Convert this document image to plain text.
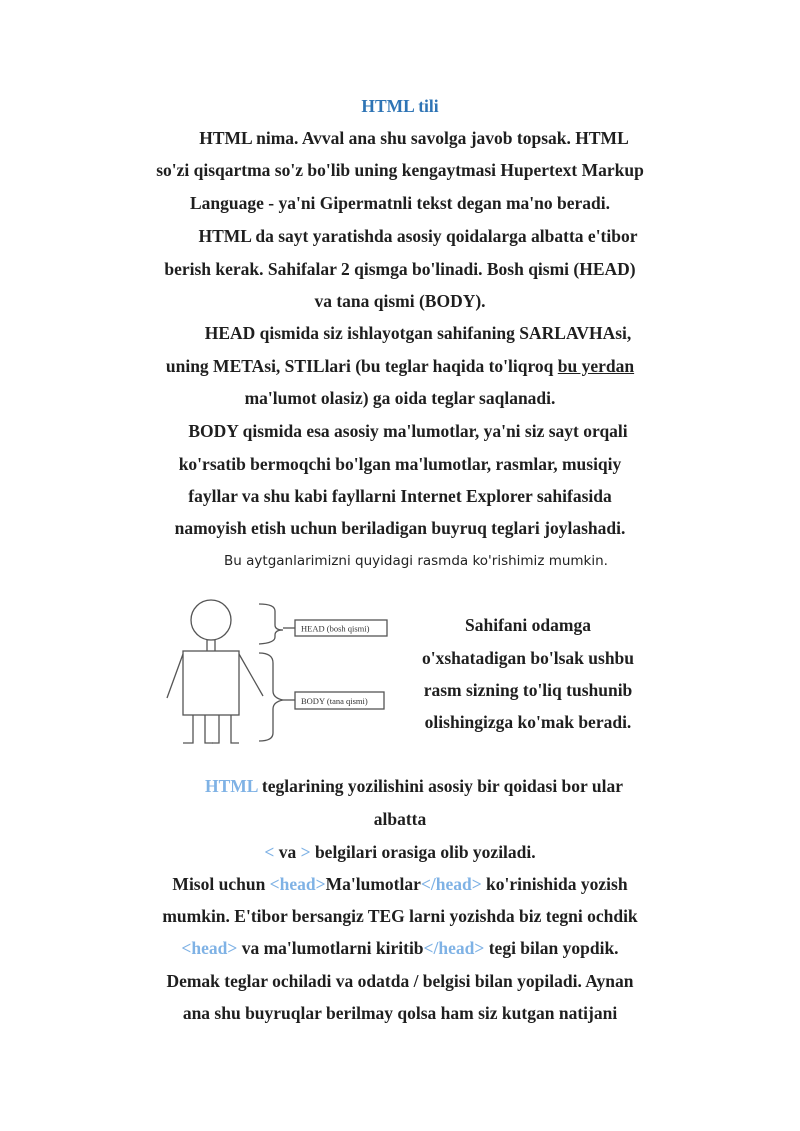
HTML tili
HTML nima. Avval ana shu savolga javob topsak. HTML
so'zi qisqartma so'z bo'lib uning kengaytmasi Hupertext Markup
Language - ya'ni Gipermatnli tekst degan ma'no beradi.
HTML da sayt yaratishda asosiy qoidalarga albatta e'tibor
berish kerak. Sahifalar 2 qismga bo'linadi. Bosh qismi (HEAD)
va tana qismi (BODY).
HEAD qismida siz ishlayotgan sahifaning SARLAVHAsi,
uning METAsi, STILlari (bu teglar haqida to'liqroq bu yerdan
ma'lumot olasiz) ga oida teglar saqlanadi.
BODY qismida esa asosiy ma'lumotlar, ya'ni siz sayt orqali
ko'rsatib bermoqchi bo'lgan ma'lumotlar, rasmlar, musiqiy
fayllar va shu kabi fayllarni Internet Explorer sahifasida
namoyish etish uchun beriladigan buyruq teglari joylashadi.
Bu aytganlarimizni quyidagi rasmda ko'rishimiz mumkin.
HEAD (bosh qismi)
BODY (tana qismi)
Sahifani odamga
o'xshatadigan bo'lsak ushbu
rasm sizning to'liq tushunib
olishingizga ko'mak beradi.
HTML teglarining yozilishini asosiy bir qoidasi bor ular
albatta
< va > belgilari orasiga olib yoziladi.
Misol uchun <head>Ma'lumotlar</head> ko'rinishida yozish
mumkin. E'tibor bersangiz TEG larni yozishda biz tegni ochdik
<head> va ma'lumotlarni kiritib</head> tegi bilan yopdik.
Demak teglar ochiladi va odatda / belgisi bilan yopiladi. Aynan
ana shu buyruqlar berilmay qolsa ham siz kutgan natijani
